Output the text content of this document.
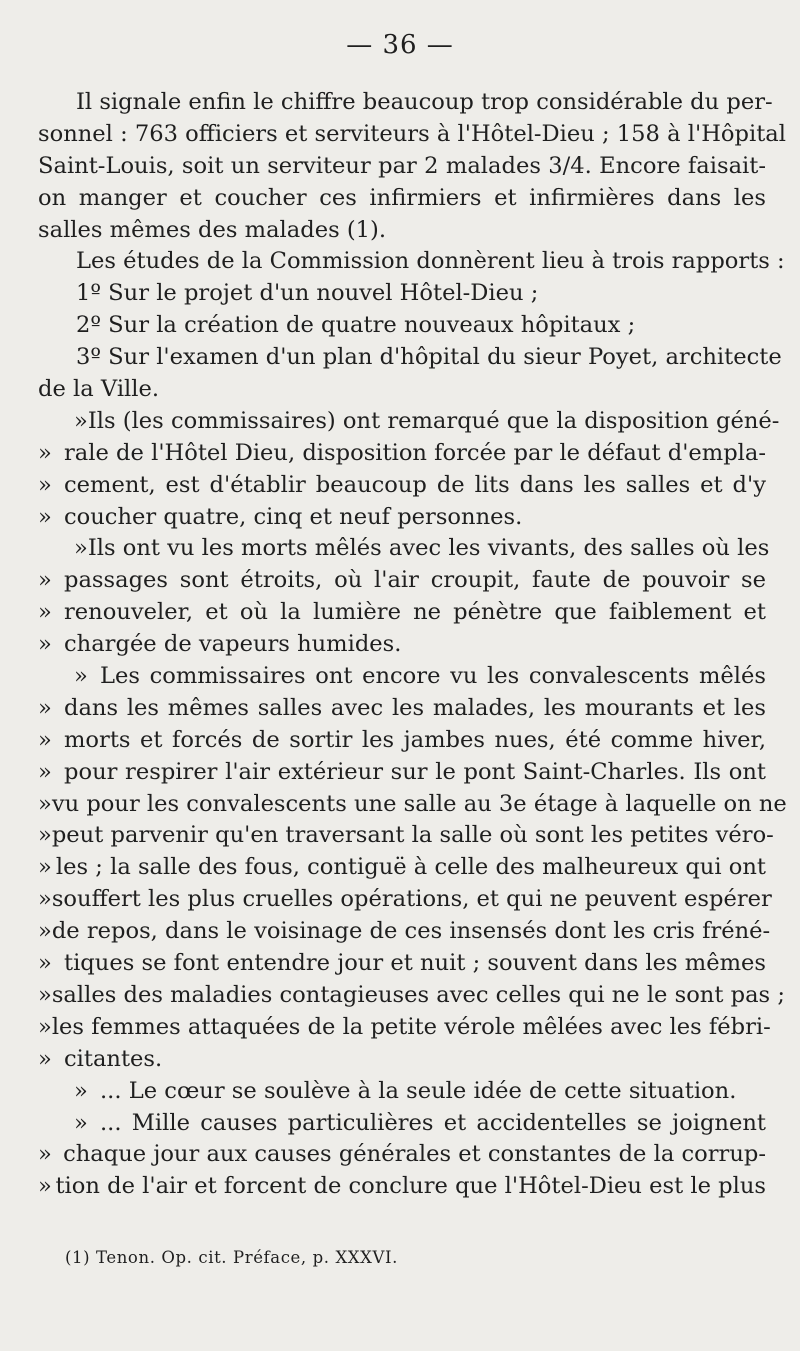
— 36 —
Il signale enfin le chiffre beaucoup trop considérable du per-
sonnel : 763 officiers et serviteurs à l'Hôtel-Dieu ; 158 à l'Hôpital
Saint-Louis, soit un serviteur par 2 malades 3/4. Encore faisait-
on manger et coucher ces infirmiers et infirmières dans les
salles mêmes des malades (1).
Les études de la Commission donnèrent lieu à trois rapports :
1º Sur le projet d'un nouvel Hôtel-Dieu ;
2º Sur la création de quatre nouveaux hôpitaux ;
3º Sur l'examen d'un plan d'hôpital du sieur Poyet, architecte
de la Ville.
» Ils (les commissaires) ont remarqué que la disposition géné-
» rale de l'Hôtel Dieu, disposition forcée par le défaut d'empla-
» cement, est d'établir beaucoup de lits dans les salles et d'y
» coucher quatre, cinq et neuf personnes.
» Ils ont vu les morts mêlés avec les vivants, des salles où les
» passages sont étroits, où l'air croupit, faute de pouvoir se
» renouveler, et où la lumière ne pénètre que faiblement et
» chargée de vapeurs humides.
» Les commissaires ont encore vu les convalescents mêlés
» dans les mêmes salles avec les malades, les mourants et les
» morts et forcés de sortir les jambes nues, été comme hiver,
» pour respirer l'air extérieur sur le pont Saint-Charles. Ils ont
» vu pour les convalescents une salle au 3e étage à laquelle on ne
» peut parvenir qu'en traversant la salle où sont les petites véro-
» les ; la salle des fous, contiguë à celle des malheureux qui ont
» souffert les plus cruelles opérations, et qui ne peuvent espérer
» de repos, dans le voisinage de ces insensés dont les cris fréné-
» tiques se font entendre jour et nuit ; souvent dans les mêmes
» salles des maladies contagieuses avec celles qui ne le sont pas ;
» les femmes attaquées de la petite vérole mêlées avec les fébri-
» citantes.
» ... Le cœur se soulève à la seule idée de cette situation.
» ... Mille causes particulières et accidentelles se joignent
» chaque jour aux causes générales et constantes de la corrup-
» tion de l'air et forcent de conclure que l'Hôtel-Dieu est le plus
(1) Tenon. Op. cit. Préface, p. XXXVI.
